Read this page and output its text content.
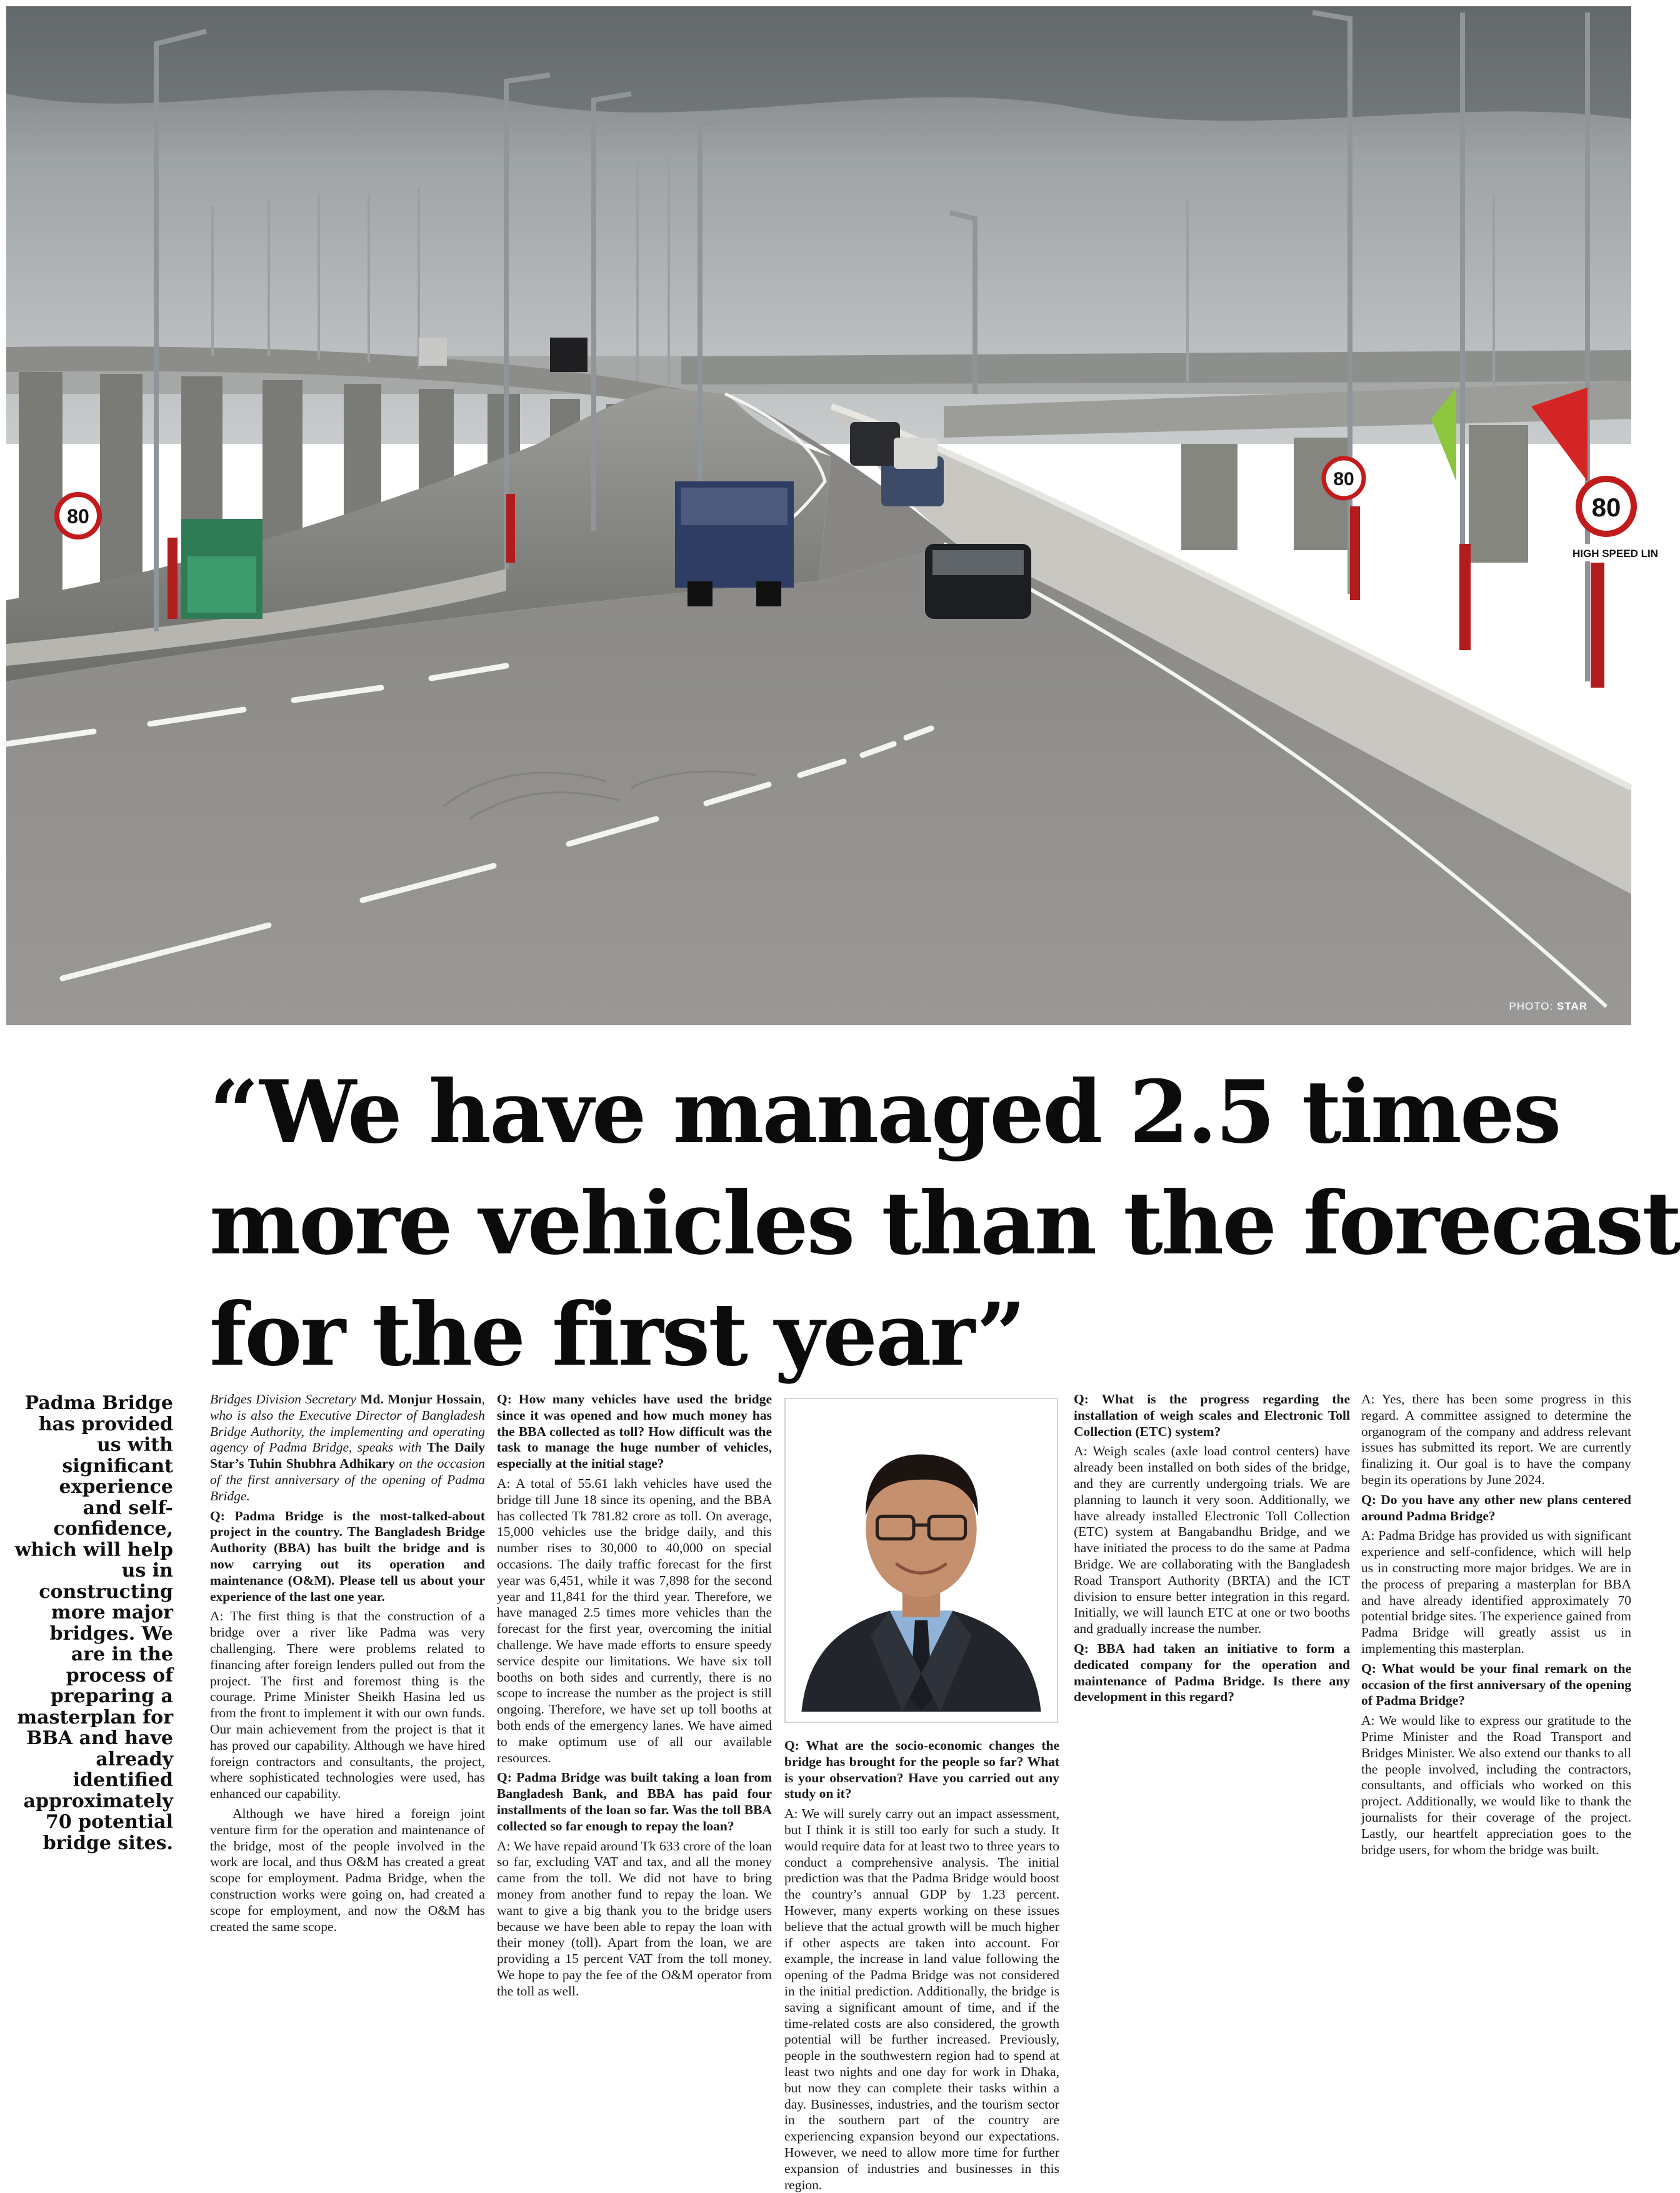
80
80
80
HIGH SPEED LIN
PHOTO: STAR
“We have managed 2.5 times
more vehicles than the forecast
for the first year”
Padma Bridge has provided us with significant experience and self-confidence, which will help us in constructing more major bridges. We are in the process of preparing a masterplan for BBA and have already identified approximately 70 potential bridge sites.

Bridges Division Secretary Md. Monjur Hossain, who is also the Executive Director of Bangladesh Bridge Authority, the implementing and operating agency of Padma Bridge, speaks with The Daily Star’s Tuhin Shubhra Adhikary on the occasion of the first anniversary of the opening of Padma Bridge.

Q: Padma Bridge is the most-talked-about project in the country. The Bangladesh Bridge Authority (BBA) has built the bridge and is now carrying out its operation and maintenance (O&M). Please tell us about your experience of the last one year.

A: The first thing is that the construction of a bridge over a river like Padma was very challenging. There were problems related to financing after foreign lenders pulled out from the project. The first and foremost thing is the courage. Prime Minister Sheikh Hasina led us from the front to implement it with our own funds. Our main achievement from the project is that it has proved our capability. Although we have hired foreign contractors and consultants, the project, where sophisticated technologies were used, has enhanced our capability.

Although we have hired a foreign joint venture firm for the operation and maintenance of the bridge, most of the people involved in the work are local, and thus O&M has created a great scope for employment. Padma Bridge, when the construction works were going on, had created a scope for employment, and now the O&M has created the same scope.

Q: How many vehicles have used the bridge since it was opened and how much money has the BBA collected as toll? How difficult was the task to manage the huge number of vehicles, especially at the initial stage?

A: A total of 55.61 lakh vehicles have used the bridge till June 18 since its opening, and the BBA has collected Tk 781.82 crore as toll. On average, 15,000 vehicles use the bridge daily, and this number rises to 30,000 to 40,000 on special occasions. The daily traffic forecast for the first year was 6,451, while it was 7,898 for the second year and 11,841 for the third year. Therefore, we have managed 2.5 times more vehicles than the forecast for the first year, overcoming the initial challenge. We have made efforts to ensure speedy service despite our limitations. We have six toll booths on both sides and currently, there is no scope to increase the number as the project is still ongoing. Therefore, we have set up toll booths at both ends of the emergency lanes. We have aimed to make optimum use of all our available resources.

Q: Padma Bridge was built taking a loan from Bangladesh Bank, and BBA has paid four installments of the loan so far. Was the toll BBA collected so far enough to repay the loan?

A: We have repaid around Tk 633 crore of the loan so far, excluding VAT and tax, and all the money came from the toll. We did not have to bring money from another fund to repay the loan. We want to give a big thank you to the bridge users because we have been able to repay the loan with their money (toll). Apart from the loan, we are providing a 15 percent VAT from the toll money. We hope to pay the fee of the O&M operator from the toll as well.

Q: What are the socio-economic changes the bridge has brought for the people so far? What is your observation? Have you carried out any study on it?

A: We will surely carry out an impact assessment, but I think it is still too early for such a study. It would require data for at least two to three years to conduct a comprehensive analysis. The initial prediction was that the Padma Bridge would boost the country’s annual GDP by 1.23 percent. However, many experts working on these issues believe that the actual growth will be much higher if other aspects are taken into account. For example, the increase in land value following the opening of the Padma Bridge was not considered in the initial prediction. Additionally, the bridge is saving a significant amount of time, and if the time-related costs are also considered, the growth potential will be further increased. Previously, people in the southwestern region had to spend at least two nights and one day for work in Dhaka, but now they can complete their tasks within a day. Businesses, industries, and the tourism sector in the southern part of the country are experiencing expansion beyond our expectations. However, we need to allow more time for further expansion of industries and businesses in this region.

Q: What is the progress regarding the installation of weigh scales and Electronic Toll Collection (ETC) system?

A: Weigh scales (axle load control centers) have already been installed on both sides of the bridge, and they are currently undergoing trials. We are planning to launch it very soon. Additionally, we have already installed Electronic Toll Collection (ETC) system at Bangabandhu Bridge, and we have initiated the process to do the same at Padma Bridge. We are collaborating with the Bangladesh Road Transport Authority (BRTA) and the ICT division to ensure better integration in this regard. Initially, we will launch ETC at one or two booths and gradually increase the number.

Q: BBA had taken an initiative to form a dedicated company for the operation and maintenance of Padma Bridge. Is there any development in this regard?

A: Yes, there has been some progress in this regard. A committee assigned to determine the organogram of the company and address relevant issues has submitted its report. We are currently finalizing it. Our goal is to have the company begin its operations by June 2024.

Q: Do you have any other new plans centered around Padma Bridge?

A: Padma Bridge has provided us with significant experience and self-confidence, which will help us in constructing more major bridges. We are in the process of preparing a masterplan for BBA and have already identified approximately 70 potential bridge sites. The experience gained from Padma Bridge will greatly assist us in implementing this masterplan.

Q: What would be your final remark on the occasion of the first anniversary of the opening of Padma Bridge?

A: We would like to express our gratitude to the Prime Minister and the Road Transport and Bridges Minister. We also extend our thanks to all the people involved, including the contractors, consultants, and officials who worked on this project. Additionally, we would like to thank the journalists for their coverage of the project. Lastly, our heartfelt appreciation goes to the bridge users, for whom the bridge was built.
